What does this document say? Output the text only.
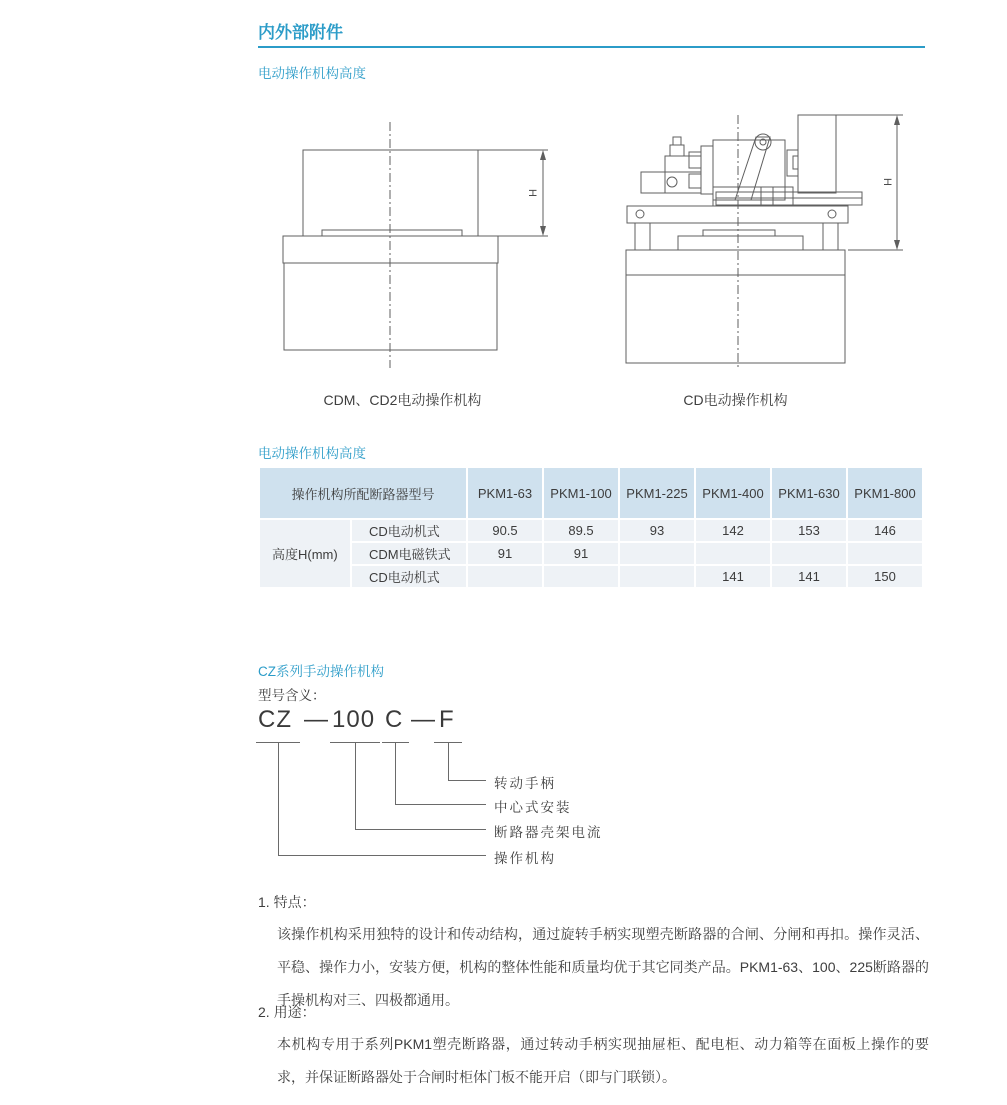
内外部附件
电动操作机构高度
H
H
CDM、CD2电动操作机构	CD电动操作机构
电动操作机构高度
操作机构所配断路器型号		PKM1-63	PKM1-100	PKM1-225	PKM1-400	PKM1-630	PKM1-800
高度H(mm)	CD电动机式	90.5	89.5	93	142	153	146
	CDM电磁铁式	91	91				
	CD电动机式				141	141	150
CZ系列手动操作机构
型号含义：
CZ — 100 C — F
转动手柄
中心式安装
断路器壳架电流
操作机构
1. 特点：
该操作机构采用独特的设计和传动结构，通过旋转手柄实现塑壳断路器的合闸、分闸和再扣。操作灵活、平稳、操作力小，安装方便，机构的整体性能和质量均优于其它同类产品。PKM1-63、100、225断路器的手操机构对三、四极都通用。
2. 用途：
本机构专用于系列PKM1塑壳断路器，通过转动手柄实现抽屉柜、配电柜、动力箱等在面板上操作的要求，并保证断路器处于合闸时柜体门板不能开启（即与门联锁）。
